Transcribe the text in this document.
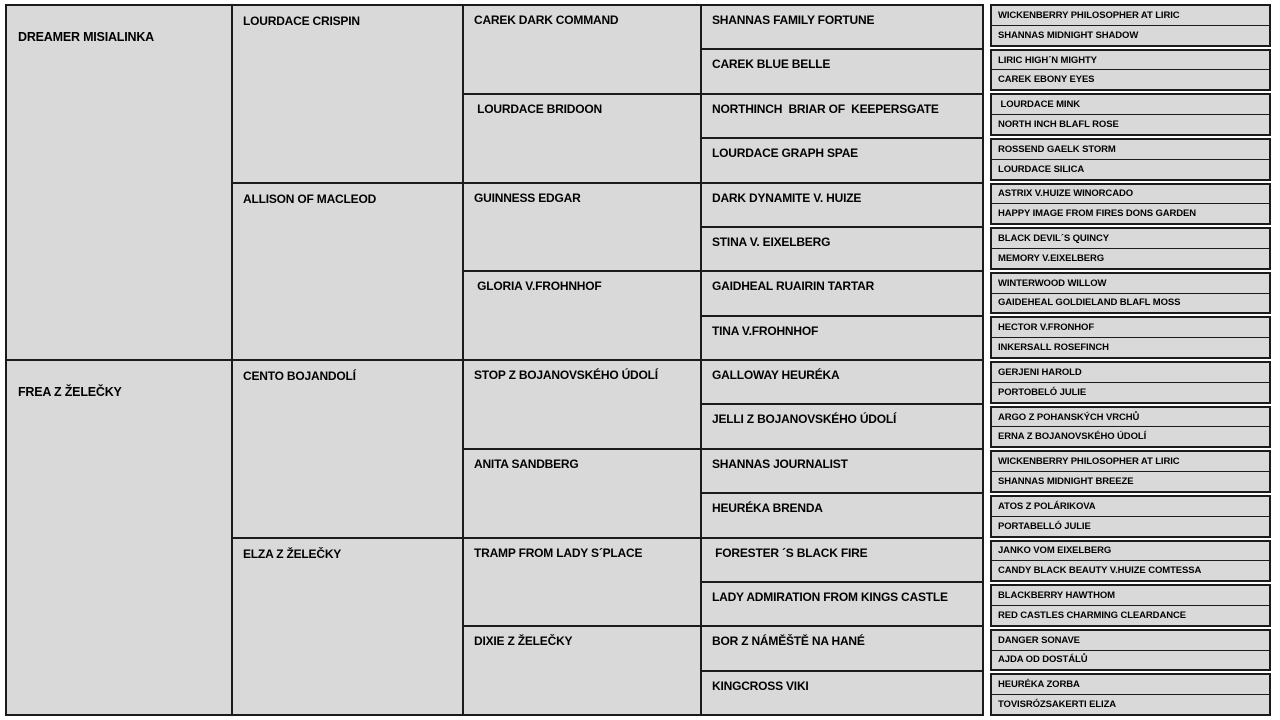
DREAMER MISIALINKA
FREA Z ŽELEČKY
LOURDACE CRISPIN
ALLISON OF MACLEOD
CENTO BOJANDOLÍ
ELZA Z ŽELEČKY
CAREK DARK COMMAND
LOURDACE BRIDOON
GUINNESS EDGAR
GLORIA V.FROHNHOF
STOP Z BOJANOVSKÉHO ÚDOLÍ
ANITA SANDBERG
TRAMP FROM LADY S´PLACE
DIXIE Z ŽELEČKY
SHANNAS FAMILY FORTUNE
CAREK BLUE BELLE
NORTHINCH  BRIAR OF  KEEPERSGATE
LOURDACE GRAPH SPAE
DARK DYNAMITE V. HUIZE
STINA V. EIXELBERG
GAIDHEAL RUAIRIN TARTAR
TINA V.FROHNHOF
GALLOWAY HEURÉKA
JELLI Z BOJANOVSKÉHO ÚDOLÍ
SHANNAS JOURNALIST
HEURÉKA BRENDA
FORESTER ´S BLACK FIRE
LADY ADMIRATION FROM KINGS CASTLE
BOR Z NÁMĚŠTĚ NA HANÉ
KINGCROSS VIKI
WICKENBERRY PHILOSOPHER AT LIRIC
SHANNAS MIDNIGHT SHADOW
LIRIC HIGH´N MIGHTY
CAREK EBONY EYES
LOURDACE MINK
NORTH INCH BLAFL ROSE
ROSSEND GAELK STORM
LOURDACE SILICA
ASTRIX V.HUIZE WINORCADO
HAPPY IMAGE FROM FIRES DONS GARDEN
BLACK DEVIL´S QUINCY
MEMORY V.EIXELBERG
WINTERWOOD WILLOW
GAIDEHEAL GOLDIELAND BLAFL MOSS
HECTOR V.FRONHOF
INKERSALL ROSEFINCH
GERJENI HAROLD
PORTOBELÓ JULIE
ARGO Z POHANSKÝCH VRCHŮ
ERNA Z BOJANOVSKÉHO ÚDOLÍ
WICKENBERRY PHILOSOPHER AT LIRIC
SHANNAS MIDNIGHT BREEZE
ATOS Z POLÁRIKOVA
PORTABELLÓ JULIE
JANKO VOM EIXELBERG
CANDY BLACK BEAUTY V.HUIZE COMTESSA
BLACKBERRY HAWTHOM
RED CASTLES CHARMING CLEARDANCE
DANGER SONAVE
AJDA OD DOSTÁLŮ
HEURÉKA ZORBA
TOVISRÓZSAKERTI ELIZA
